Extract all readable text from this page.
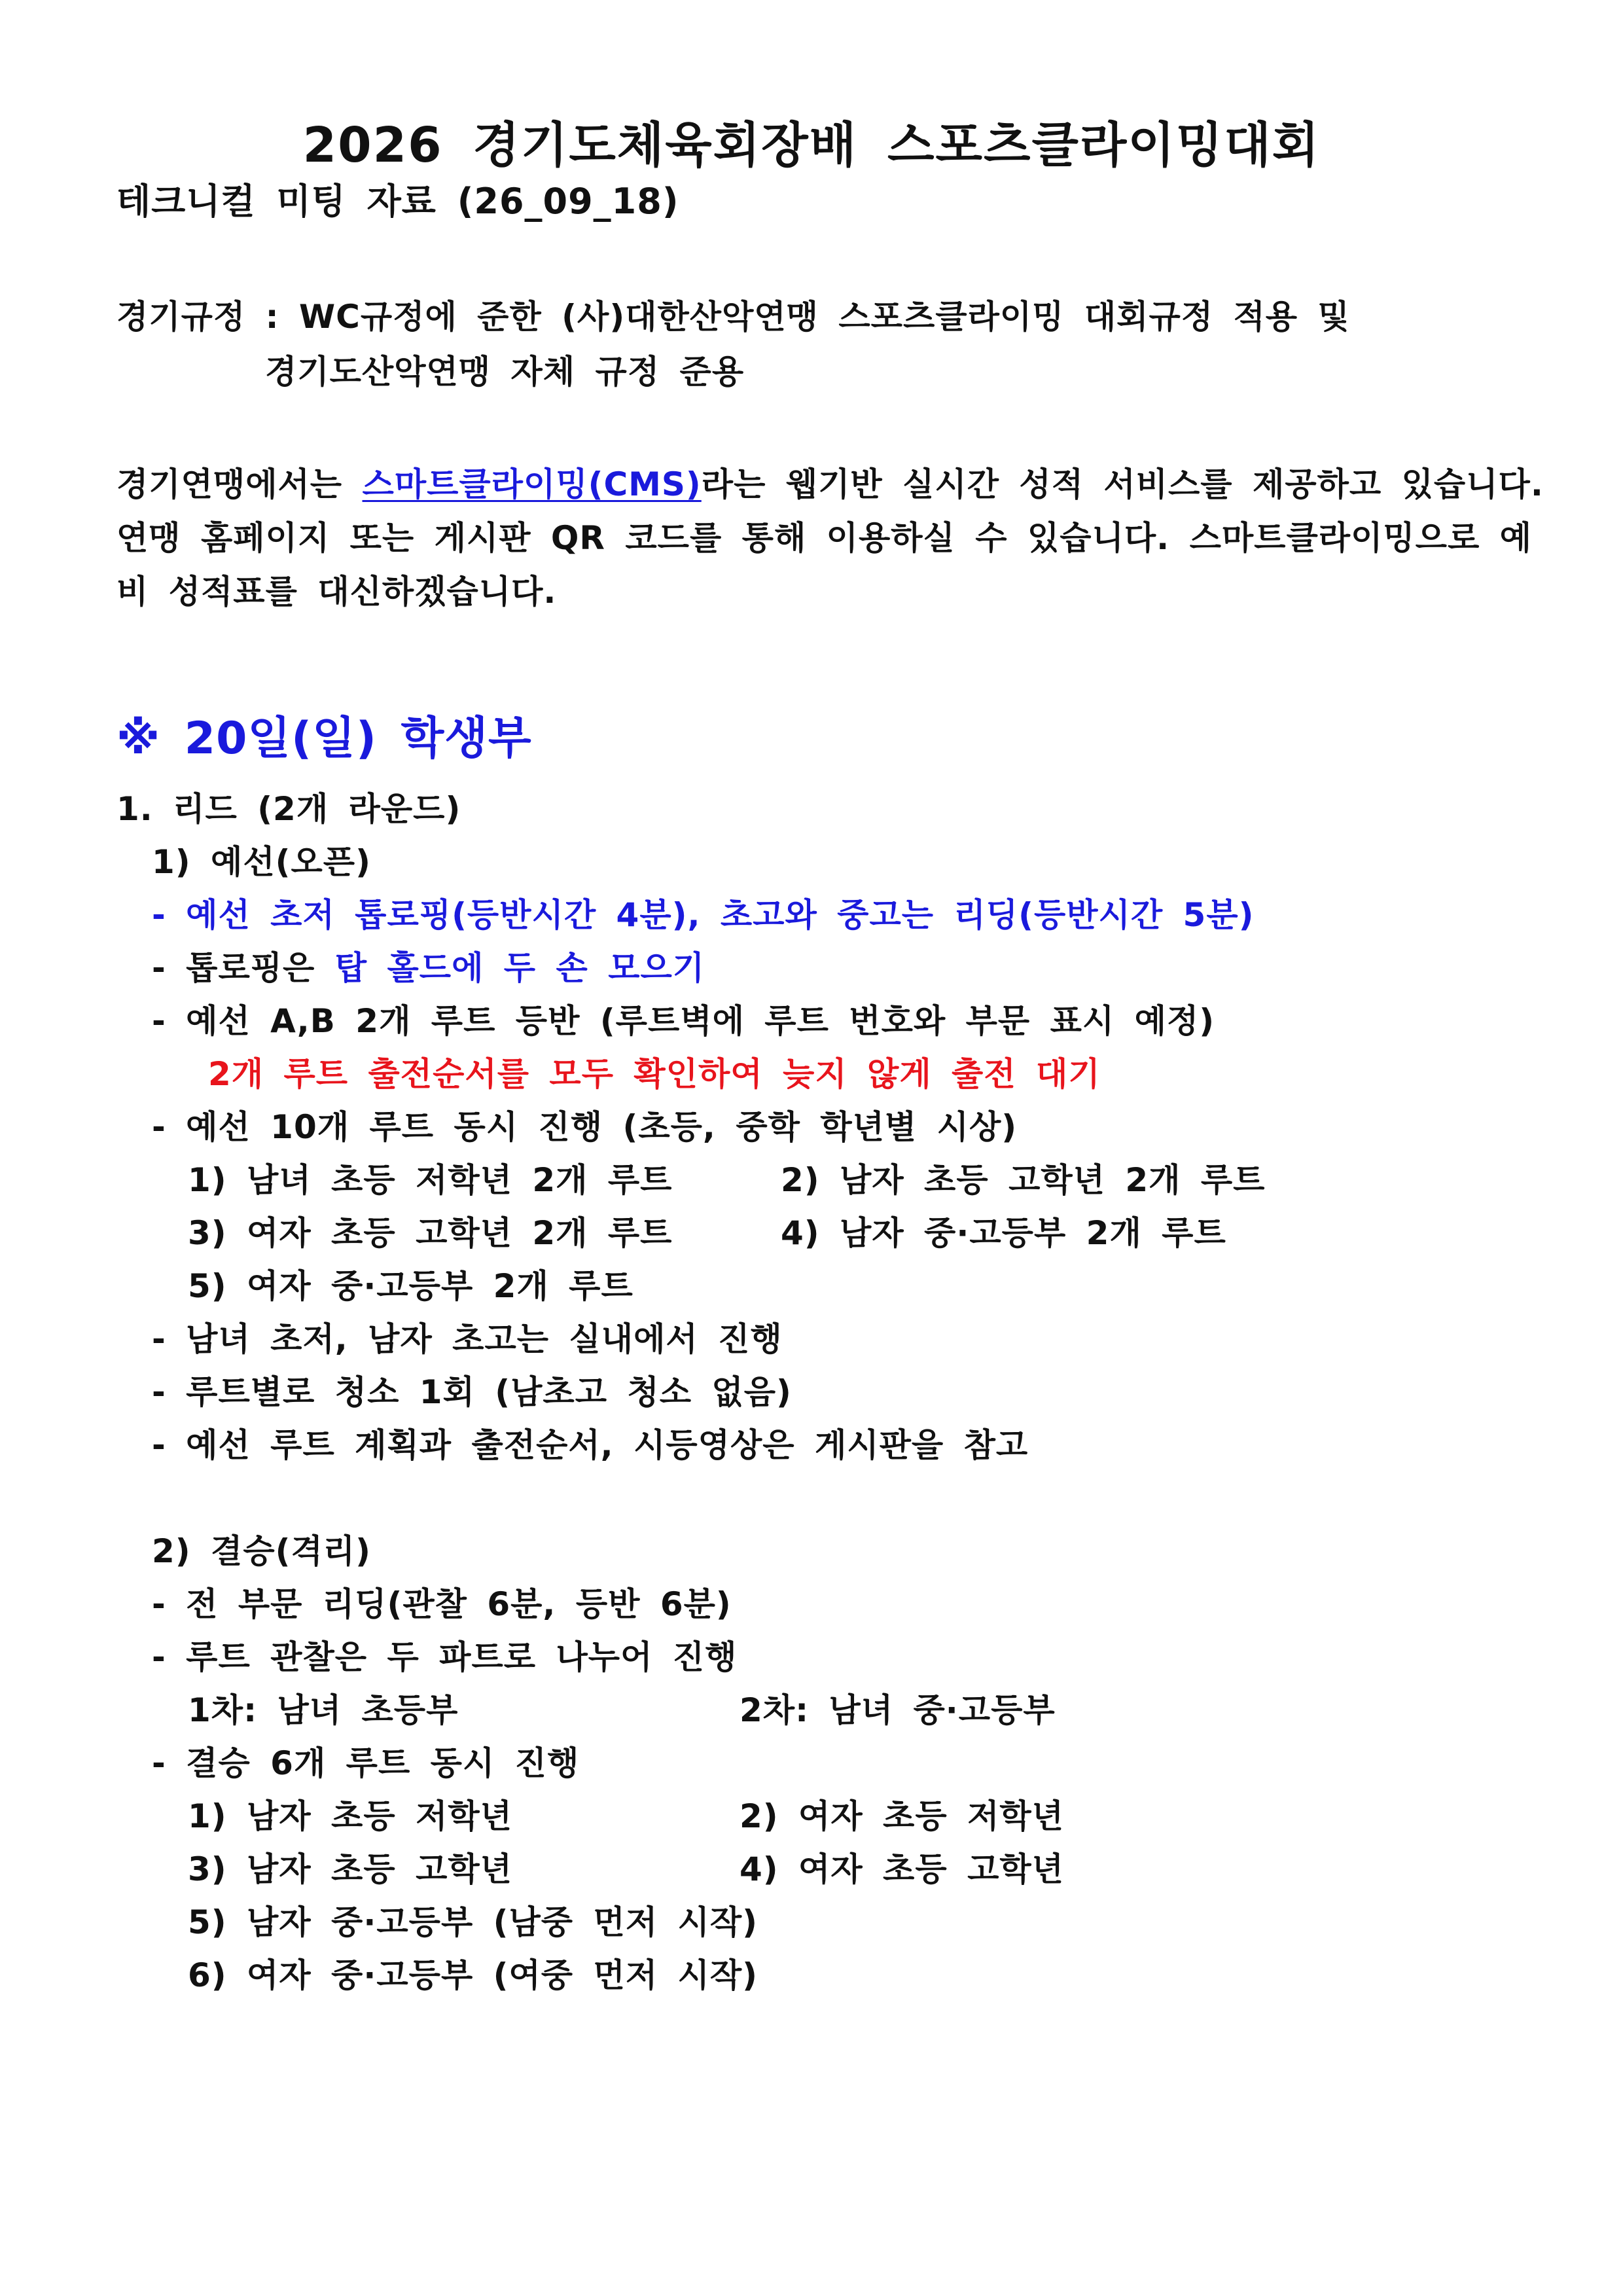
2026 경기도체육회장배 스포츠클라이밍대회
테크니컬 미팅 자료 (26_09_18)
경기규정 : WC규정에 준한 (사)대한산악연맹 스포츠클라이밍 대회규정 적용 및
경기도산악연맹 자체 규정 준용
경기연맹에서는 스마트클라이밍(CMS)라는 웹기반 실시간 성적 서비스를 제공하고 있습니다.
연맹 홈페이지 또는 게시판 QR 코드를 통해 이용하실 수 있습니다. 스마트클라이밍으로 예
비 성적표를 대신하겠습니다.
※ 20일(일) 학생부
1. 리드 (2개 라운드)
1) 예선(오픈)
- 예선 초저 톱로핑(등반시간 4분), 초고와 중고는 리딩(등반시간 5분)
- 톱로핑은 탑 홀드에 두 손 모으기
- 예선 A,B 2개 루트 등반 (루트벽에 루트 번호와 부문 표시 예정)
2개 루트 출전순서를 모두 확인하여 늦지 않게 출전 대기
- 예선 10개 루트 동시 진행 (초등, 중학 학년별 시상)
1) 남녀 초등 저학년 2개 루트	2) 남자 초등 고학년 2개 루트
3) 여자 초등 고학년 2개 루트	4) 남자 중·고등부 2개 루트
5) 여자 중·고등부 2개 루트
- 남녀 초저, 남자 초고는 실내에서 진행
- 루트별로 청소 1회 (남초고 청소 없음)
- 예선 루트 계획과 출전순서, 시등영상은 게시판을 참고
2) 결승(격리)
- 전 부문 리딩(관찰 6분, 등반 6분)
- 루트 관찰은 두 파트로 나누어 진행
1차: 남녀 초등부	2차: 남녀 중·고등부
- 결승 6개 루트 동시 진행
1) 남자 초등 저학년	2) 여자 초등 저학년
3) 남자 초등 고학년	4) 여자 초등 고학년
5) 남자 중·고등부 (남중 먼저 시작)
6) 여자 중·고등부 (여중 먼저 시작)
